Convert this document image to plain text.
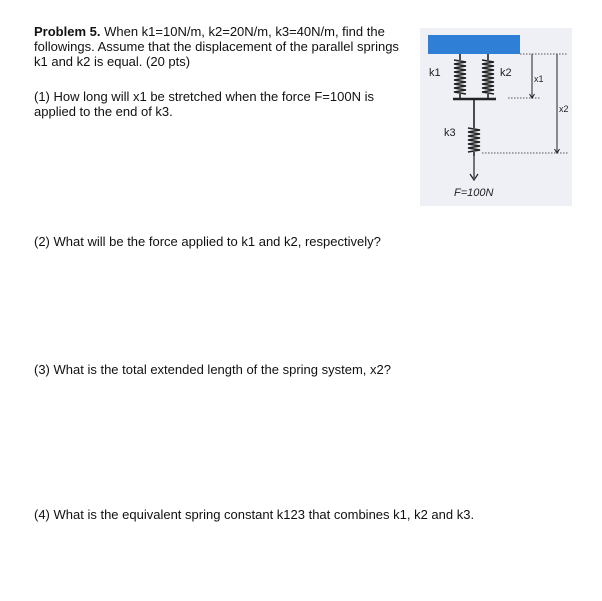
Problem 5. When k1=10N/m, k2=20N/m, k3=40N/m, find the followings. Assume that the displacement of the parallel springs k1 and k2 is equal. (20 pts)
(1) How long will x1 be stretched when the force F=100N is applied to the end of k3.
(2) What will be the force applied to k1 and k2, respectively?
(3) What is the total extended length of the spring system, x2?
(4) What is the equivalent spring constant k123 that combines k1, k2 and k3.
k1	k2
k3
x1
x2
F=100N
